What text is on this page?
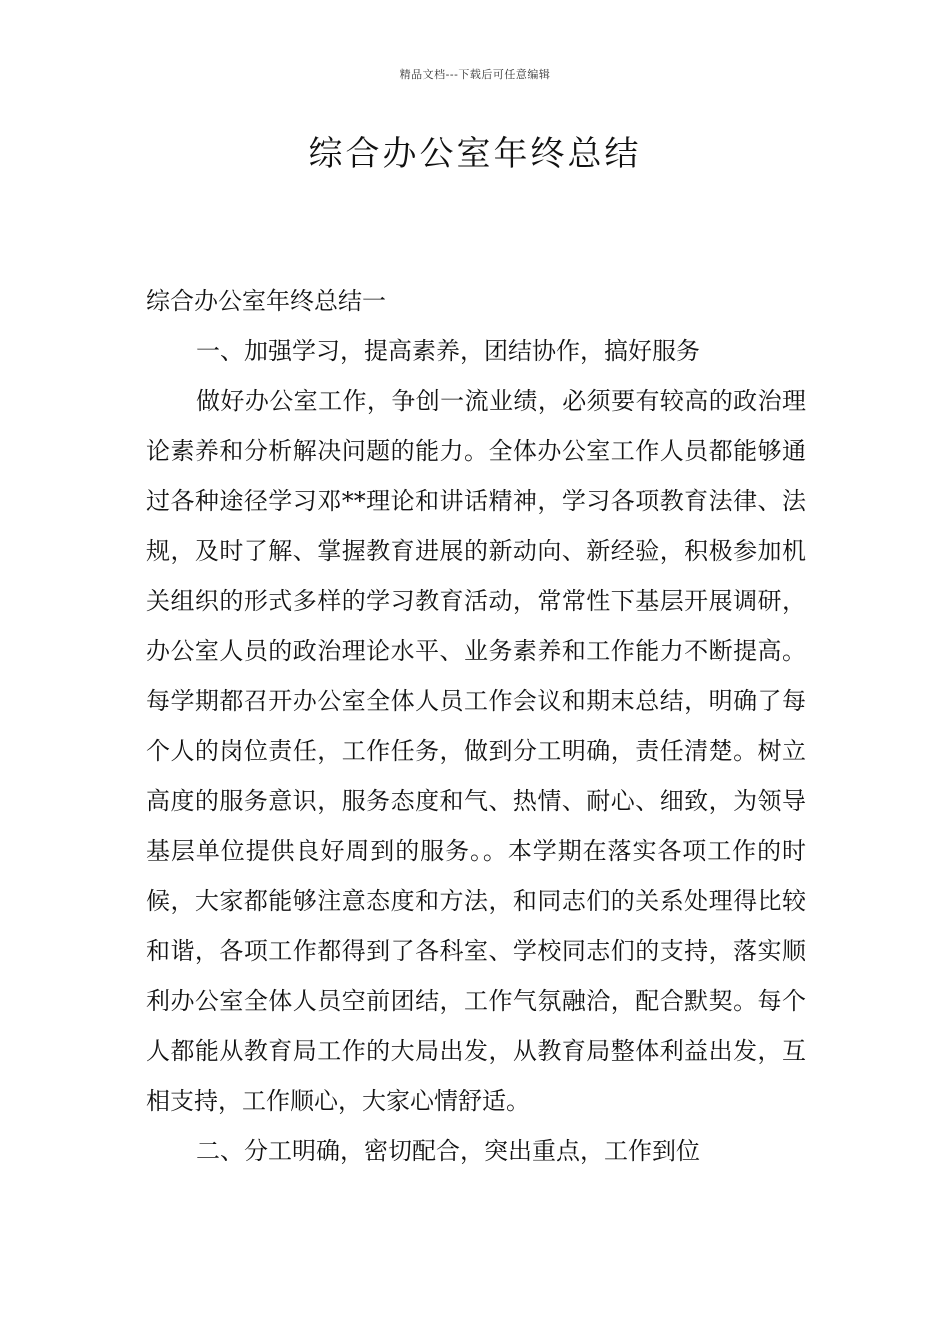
精品文档---下载后可任意编辑
综合办公室年终总结

综合办公室年终总结一

一、加强学习，提高素养，团结协作，搞好服务

做好办公室工作，争创一流业绩，必须要有较高的政治理论素养和分析解决问题的能力。全体办公室工作人员都能够通过各种途径学习邓**理论和讲话精神，学习各项教育法律、法规，及时了解、掌握教育进展的新动向、新经验，积极参加机关组织的形式多样的学习教育活动，常常性下基层开展调研，办公室人员的政治理论水平、业务素养和工作能力不断提高。每学期都召开办公室全体人员工作会议和期末总结，明确了每个人的岗位责任，工作任务，做到分工明确，责任清楚。树立高度的服务意识，服务态度和气、热情、耐心、细致，为领导基层单位提供良好周到的服务。。本学期在落实各项工作的时候，大家都能够注意态度和方法，和同志们的关系处理得比较和谐，各项工作都得到了各科室、学校同志们的支持，落实顺利办公室全体人员空前团结，工作气氛融洽，配合默契。每个人都能从教育局工作的大局出发，从教育局整体利益出发，互相支持，工作顺心，大家心情舒适。

二、分工明确，密切配合，突出重点，工作到位
